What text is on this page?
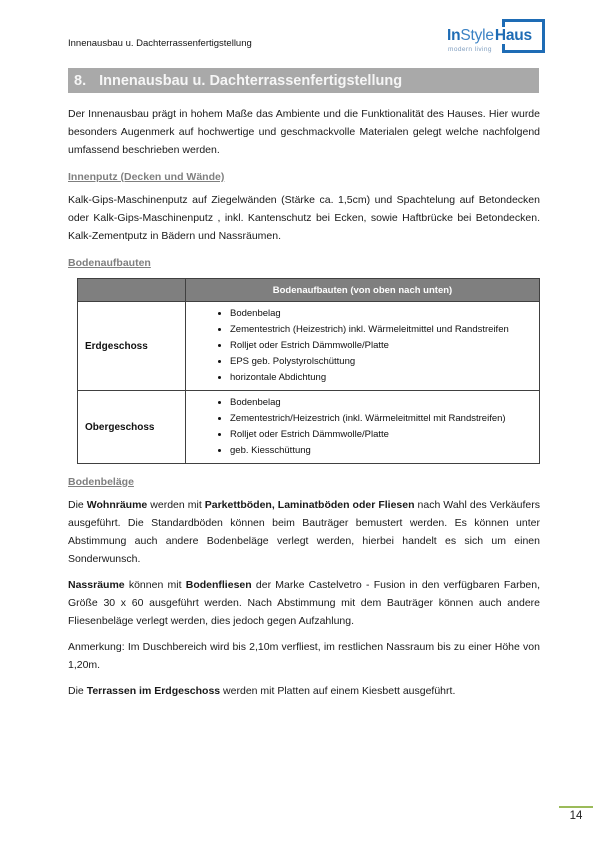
Innenausbau u. Dachterrassenfertigstellung	InStyleHaus
modern living
8. Innenausbau u. Dachterrassenfertigstellung

Der Innenausbau prägt in hohem Maße das Ambiente und die Funktionalität des Hauses. Hier wurde besonders Augenmerk auf hochwertige und geschmackvolle Materialen gelegt welche nachfolgend umfassend beschrieben werden.

Innenputz (Decken und Wände)

Kalk-Gips-Maschinenputz auf Ziegelwänden (Stärke ca. 1,5cm) und Spachtelung auf Betondecken oder Kalk-Gips-Maschinenputz , inkl. Kantenschutz bei Ecken, sowie Haftbrücke bei Betondecken. Kalk-Zementputz in Bädern und Nassräumen.

Bodenaufbauten
	Bodenaufbauten (von oben nach unten)
Erdgeschoss	
• Bodenbelag
• Zementestrich (Heizestrich) inkl. Wärmeleitmittel und Randstreifen
• Rolljet oder Estrich Dämmwolle/Platte
• EPS geb. Polystyrolschüttung
• horizontale Abdichtung

Obergeschoss	
• Bodenbelag
• Zementestrich/Heizestrich (inkl. Wärmeleitmittel mit Randstreifen)
• Rolljet oder Estrich Dämmwolle/Platte
• geb. Kiesschüttung
Bodenbeläge

Die Wohnräume werden mit Parkettböden, Laminatböden oder Fliesen nach Wahl des Verkäufers ausgeführt. Die Standardböden können beim Bauträger bemustert werden. Es können unter Abstimmung auch andere Bodenbeläge verlegt werden, hierbei handelt es sich um einen Sonderwunsch.

Nassräume können mit Bodenfliesen der Marke Castelvetro - Fusion in den verfügbaren Farben, Größe 30 x 60 ausgeführt werden. Nach Abstimmung mit dem Bauträger können auch andere Fliesenbeläge verlegt werden, dies jedoch gegen Aufzahlung.

Anmerkung: Im Duschbereich wird bis 2,10m verfliest, im restlichen Nassraum bis zu einer Höhe von 1,20m.

Die Terrassen im Erdgeschoss werden mit Platten auf einem Kiesbett ausgeführt.

14
